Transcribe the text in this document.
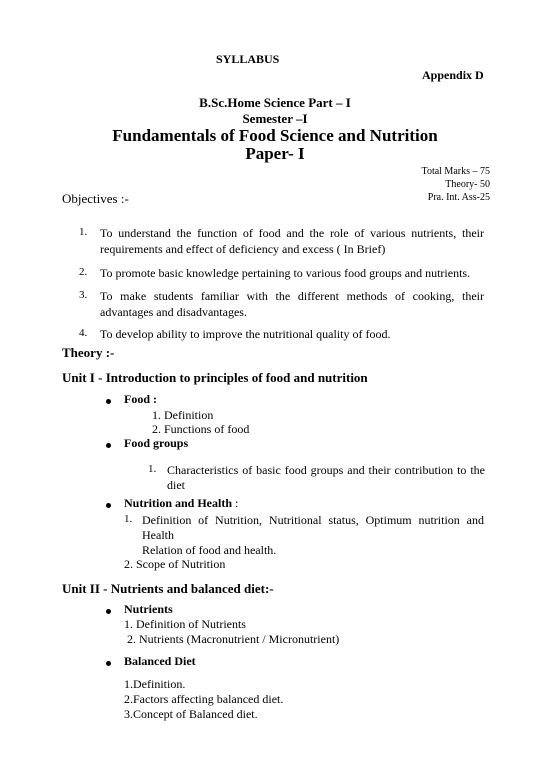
SYLLABUS
Appendix D
B.Sc.Home Science Part – I
Semester –I
Fundamentals of Food Science and Nutrition
Paper- I
Total Marks – 75
Theory- 50
Pra. Int. Ass-25
Objectives :-
1. To understand the function of food and the role of various nutrients, their
requirements and effect of deficiency and excess ( In Brief)
2. To promote basic knowledge pertaining to various food groups and nutrients.
3. To make students familiar with the different methods of cooking, their
advantages and disadvantages.
4. To develop ability to improve the nutritional quality of food.
Theory :-
Unit I - Introduction to principles of food and nutrition
Food :
1. Definition
2. Functions of food
Food groups
1. Characteristics of basic food groups and their contribution to the
diet
Nutrition and Health :
1. Definition of Nutrition, Nutritional status, Optimum nutrition and
Health
Relation of food and health.
2. Scope of Nutrition
Unit II - Nutrients and balanced diet:-
Nutrients
1. Definition of Nutrients
2. Nutrients (Macronutrient / Micronutrient)
Balanced Diet
1.Definition.
2.Factors affecting balanced diet.
3.Concept of Balanced diet.
